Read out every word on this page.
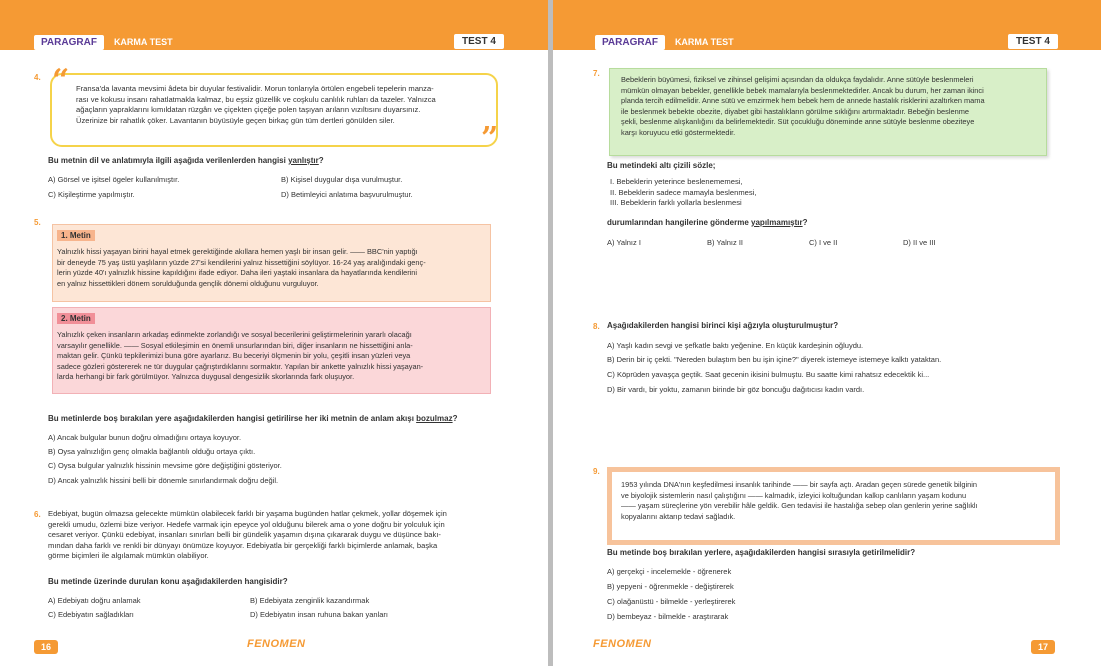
PARAGRAF	KARMA TEST	TEST 4
4. “
”
Fransa'da lavanta mevsimi âdeta bir duyular festivalidir. Morun tonlarıyla örtülen engebeli tepelerin manza-
rası ve kokusu insanı rahatlatmakla kalmaz, bu eşsiz güzellik ve coşkulu canlılık ruhları da tazeler. Yalnızca
ağaçların yapraklarını kımıldatan rüzgârı ve çiçekten çiçeğe polen taşıyan arıların vızıltısını duyarsınız.
Üzerinize bir rahatlık çöker. Lavantanın büyüsüyle geçen birkaç gün tüm dertleri gönülden siler.
Bu metnin dil ve anlatımıyla ilgili aşağıda verilenlerden hangisi yanlıştır?
A) Görsel ve işitsel ögeler kullanılmıştır.	B) Kişisel duygular dışa vurulmuştur.
C) Kişileştirme yapılmıştır.	D) Betimleyici anlatıma başvurulmuştur.
5.
1. Metin
Yalnızlık hissi yaşayan birini hayal etmek gerektiğinde akıllara hemen yaşlı bir insan gelir. —— BBC'nin yaptığı
bir deneyde 75 yaş üstü yaşlıların yüzde 27'si kendilerini yalnız hissettiğini söylüyor. 16-24 yaş aralığındaki genç-
lerin yüzde 40'ı yalnızlık hissine kapıldığını ifade ediyor. Daha ileri yaştaki insanlara da hayatlarında kendilerini
en yalnız hissettikleri dönem sorulduğunda gençlik dönemi olduğunu vurguluyor.
2. Metin
Yalnızlık çeken insanların arkadaş edinmekte zorlandığı ve sosyal becerilerini geliştirmelerinin yararlı olacağı
varsayılır genellikle. —— Sosyal etkileşimin en önemli unsurlarından biri, diğer insanların ne hissettiğini anla-
maktan gelir. Çünkü tepkilerimizi buna göre ayarlarız. Bu beceriyi ölçmenin bir yolu, çeşitli insan yüzleri veya
sadece gözleri göstererek ne tür duygular çağrıştırdıklarını sormaktır. Yapılan bir ankette yalnızlık hissi yaşayan-
larda herhangi bir fark görülmüyor. Yalnızca duygusal dengesizlik skorlarında fark oluşuyor.
Bu metinlerde boş bırakılan yere aşağıdakilerden hangisi getirilirse her iki metnin de anlam akışı bozulmaz?
A) Ancak bulgular bunun doğru olmadığını ortaya koyuyor.
B) Oysa yalnızlığın genç olmakla bağlantılı olduğu ortaya çıktı.
C) Oysa bulgular yalnızlık hissinin mevsime göre değiştiğini gösteriyor.
D) Ancak yalnızlık hissini belli bir dönemle sınırlandırmak doğru değil.
6. Edebiyat, bugün olmazsa gelecekte mümkün olabilecek farklı bir yaşama bugünden hatlar çekmek, yollar döşemek için
gerekli umudu, özlemi bize veriyor. Hedefe varmak için epeyce yol olduğunu bilerek ama o yone doğru bir yolculuk için
cesaret veriyor. Çünkü edebiyat, insanları sınırları belli bir gündelik yaşamın dışına çıkararak duygu ve düşünce bakı-
mından daha farklı ve renkli bir dünyayı önümüze koyuyor. Edebiyatla bir gerçekliği farklı biçimlerde anlamak, başka
görme biçimleri ile algılamak mümkün olabiliyor.
Bu metinde üzerinde durulan konu aşağıdakilerden hangisidir?
A) Edebiyatı doğru anlamak	B) Edebiyata zenginlik kazandırmak
C) Edebiyatın sağladıkları	D) Edebiyatın insan ruhuna bakan yanları
16	FENOMEN
PARAGRAF	KARMA TEST	TEST 4
17
FENOMEN
7.
Bebeklerin büyümesi, fiziksel ve zihinsel gelişimi açısından da oldukça faydalıdır. Anne sütüyle beslenmeleri
mümkün olmayan bebekler, genellikle bebek mamalarıyla beslenmektedirler. Ancak bu durum, her zaman ikinci
planda tercih edilmelidir. Anne sütü ve emzirmek hem bebek hem de annede hastalık risklerini azaltırken mama
ile beslenmek bebekte obezite, diyabet gibi hastalıkların görülme sıklığını artırmaktadır. Bebeğin beslenme
şekli, beslenme alışkanlığını da belirlemektedir. Süt çocukluğu döneminde anne sütüyle beslenme obeziteye
karşı koruyucu etki göstermektedir.
Bu metindeki altı çizili sözle;
I. Bebeklerin yeterince beslenememesi,
II. Bebeklerin sadece mamayla beslenmesi,
III. Bebeklerin farklı yollarla beslenmesi
durumlarından hangilerine gönderme yapılmamıştır?
A) Yalnız I	B) Yalnız II	C) I ve II	D) II ve III
8. Aşağıdakilerden hangisi birinci kişi ağzıyla oluşturulmuştur?
A) Yaşlı kadın sevgi ve şefkatle baktı yeğenine. En küçük kardeşinin oğluydu.
B) Derin bir iç çekti. "Nereden bulaştım ben bu işin içine?" diyerek istemeye istemeye kalktı yataktan.
C) Köprüden yavaşça geçtik. Saat gecenin ikisini bulmuştu. Bu saatte kimi rahatsız edecektik ki...
D) Bir vardı, bir yoktu, zamanın birinde bir göz boncuğu dağıtıcısı kadın vardı.
9.
1953 yılında DNA'nın keşfedilmesi insanlık tarihinde —— bir sayfa açtı. Aradan geçen sürede genetik bilginin
ve biyolojik sistemlerin nasıl çalıştığını —— kalmadık, izleyici koltuğundan kalkıp canlıların yaşam kodunu
—— yaşam süreçlerine yön verebilir hâle geldik. Gen tedavisi ile hastalığa sebep olan genlerin yerine sağlıklı
kopyalarını aktarıp tedavi sağladık.
Bu metinde boş bırakılan yerlere, aşağıdakilerden hangisi sırasıyla getirilmelidir?
A) gerçekçi - incelemekle - öğrenerek
B) yepyeni - öğrenmekle - değiştirerek
C) olağanüstü - bilmekle - yerleştirerek
D) bembeyaz - bilmekle - araştırarak
